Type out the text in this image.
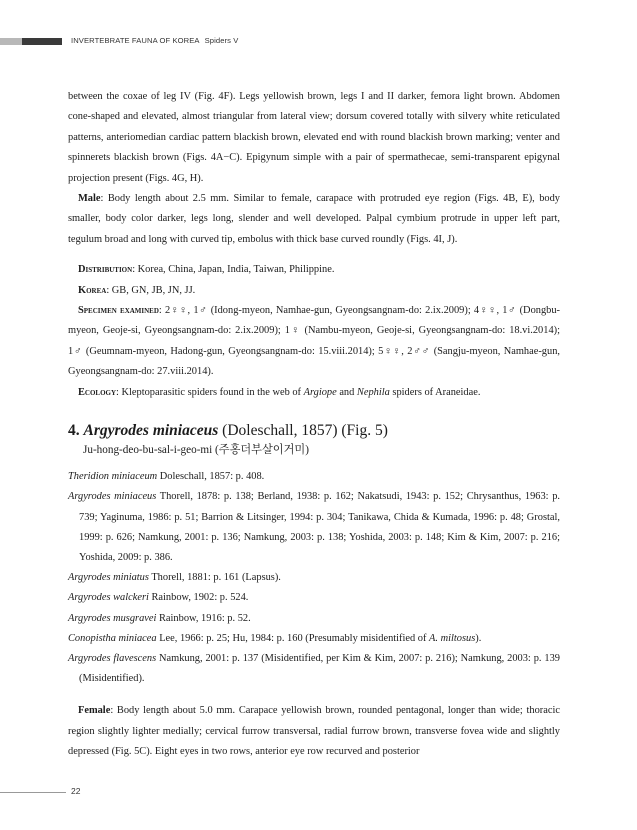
INVERTEBRATE FAUNA OF KOREA Spiders V

between the coxae of leg IV (Fig. 4F). Legs yellowish brown, legs I and II darker, femora light brown. Abdomen cone-shaped and elevated, almost triangular from lateral view; dorsum covered totally with silvery white reticulated patterns, anteriomedian cardiac pattern blackish brown, elevated end with round blackish brown marking; venter and spinnerets blackish brown (Figs. 4A−C). Epigynum simple with a pair of spermathecae, semi-transparent epigynal projection present (Figs. 4G, H).

Male: Body length about 2.5 mm. Similar to female, carapace with protruded eye region (Figs. 4B, E), body smaller, body color darker, legs long, slender and well developed. Palpal cymbium protrude in upper left part, tegulum broad and long with curved tip, embolus with thick base curved roundly (Figs. 4I, J).

Distribution: Korea, China, Japan, India, Taiwan, Philippine.

Korea: GB, GN, JB, JN, JJ.

Specimen examined: 2♀♀, 1♂ (Idong-myeon, Namhae-gun, Gyeongsangnam-do: 2.ix.2009); 4♀♀, 1♂ (Dongbu-myeon, Geoje-si, Gyeongsangnam-do: 2.ix.2009); 1♀ (Nambu-myeon, Geoje-si, Gyeongsangnam-do: 18.vi.2014); 1♂ (Geumnam-myeon, Hadong-gun, Gyeongsangnam-do: 15.viii.2014); 5♀♀, 2♂♂ (Sangju-myeon, Namhae-gun, Gyeongsangnam-do: 27.viii.2014).

Ecology: Kleptoparasitic spiders found in the web of Argiope and Nephila spiders of Araneidae.

4. Argyrodes miniaceus (Doleschall, 1857) (Fig. 5)

Ju-hong-deo-bu-sal-i-geo-mi (주홍더부살이거미)

Theridion miniaceum Doleschall, 1857: p. 408.

Argyrodes miniaceus Thorell, 1878: p. 138; Berland, 1938: p. 162; Nakatsudi, 1943: p. 152; Chrysanthus, 1963: p. 739; Yaginuma, 1986: p. 51; Barrion & Litsinger, 1994: p. 304; Tanikawa, Chida & Kumada, 1996: p. 48; Grostal, 1999: p. 626; Namkung, 2001: p. 136; Namkung, 2003: p. 138; Yoshida, 2003: p. 148; Kim & Kim, 2007: p. 216; Yoshida, 2009: p. 386.

Argyrodes miniatus Thorell, 1881: p. 161 (Lapsus).

Argyrodes walckeri Rainbow, 1902: p. 524.

Argyrodes musgravei Rainbow, 1916: p. 52.

Conopistha miniacea Lee, 1966: p. 25; Hu, 1984: p. 160 (Presumably misidentified of A. miltosus).

Argyrodes flavescens Namkung, 2001: p. 137 (Misidentified, per Kim & Kim, 2007: p. 216); Namkung, 2003: p. 139 (Misidentified).

Female: Body length about 5.0 mm. Carapace yellowish brown, rounded pentagonal, longer than wide; thoracic region slightly lighter medially; cervical furrow transversal, radial furrow brown, transverse fovea wide and slightly depressed (Fig. 5C). Eight eyes in two rows, anterior eye row recurved and posterior

22
